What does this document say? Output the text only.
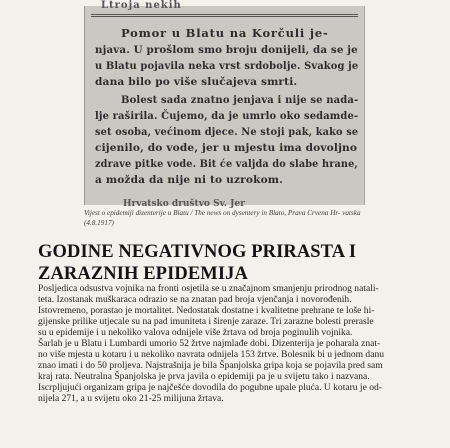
Ltroja nekih
Pomor u Blatu na Korčuli je-
njava. U prošlom smo broju donijeli, da se je
u Blatu pojavila neka vrst srdobolje. Svakog je
dana bilo po više slučajeva smrti.
Bolest sada znatno jenjava i nije se nada-
lje raširila. Čujemo, da je umrlo oko sedamde-
set osoba, većinom djece. Ne stoji pak, kako se
cijenilo, do vode, jer u mjestu ima dovoljno
zdrave pitke vode. Bit će valjda do slabe hrane,
a možda da nije ni to uzrokom.
Hrvatsko društvo Sv. Jer
Vijest o epidemiji dizenterije u Blatu / The news on dysentery in Blato, Prava Crvena Hr- vatska (4.8.1917)
GODINE NEGATIVNOG PRIRASTA I
ZARAZNIH EPIDEMIJA
Posljedica odsustva vojnika na fronti osjetila se u značajnom smanjenju prirodnog natali-
teta. Izostanak muškaraca odrazio se na znatan pad broja vjenčanja i novorođenih.
Istovremeno, porastao je mortalitet. Nedostatak dostatne i kvalitetne prehrane te loše hi-
gijenske prilike utjecale su na pad imuniteta i širenje zaraze. Tri zarazne bolesti prerasle
su u epidemije i u nekoliko valova odnijele više žrtava od broja poginulih vojnika.
Šarlah je u Blatu i Lumbardi umorio 52 žrtve najmlađe dobi. Dizenterija je poharala znat-
no više mjesta u kotaru i u nekoliko navrata odnijela 153 žrtve. Bolesnik bi u jednom danu
znao imati i do 50 proljeva. Najstrašnija je bila Španjolska gripa koja se pojavila pred sam
kraj rata. Neutralna Španjolska je prva javila o epidemiji pa je u svijetu tako i nazvana.
Iscrpljujući organizam gripa je najčešće dovodila do pogubne upale pluća. U kotaru je od-
nijela 271, a u svijetu oko 21-25 milijuna žrtava.
